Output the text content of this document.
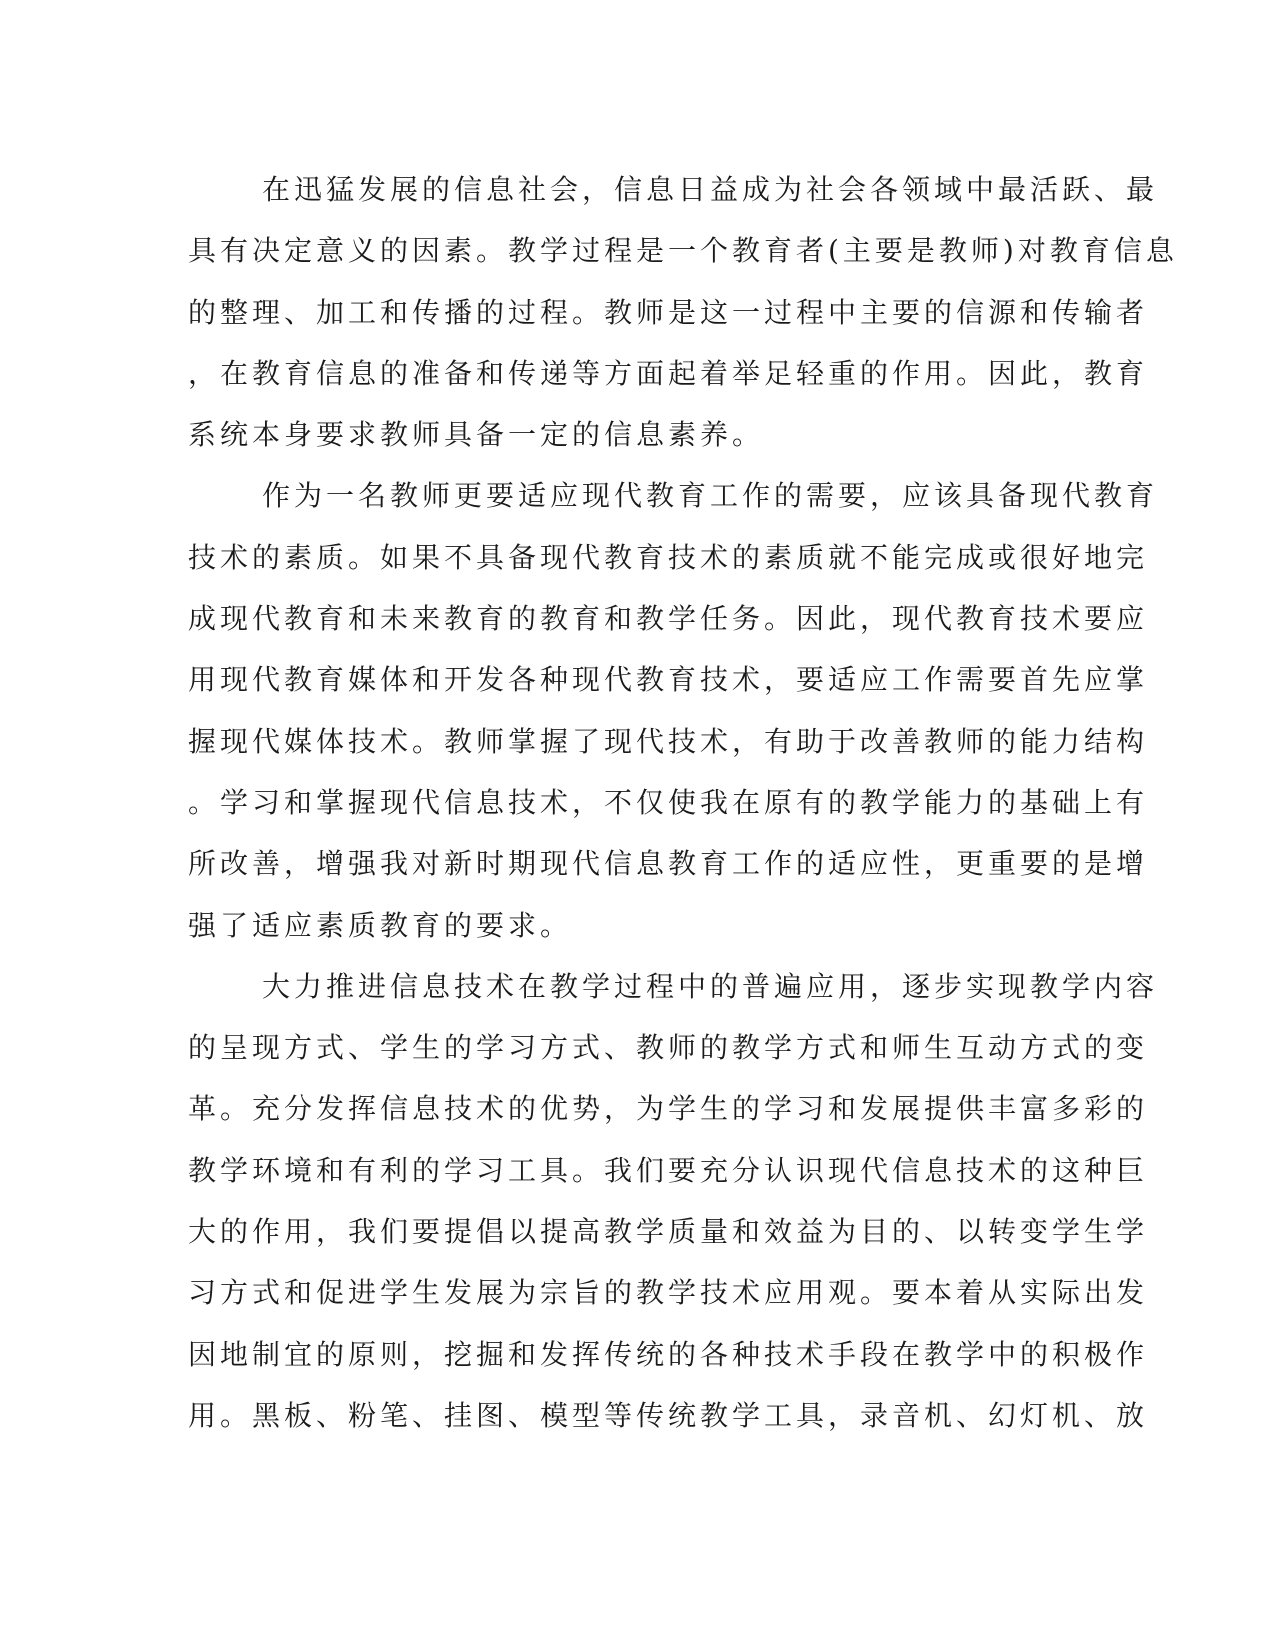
在迅猛发展的信息社会，信息日益成为社会各领域中最活跃、最
具有决定意义的因素。教学过程是一个教育者(主要是教师)对教育信息
的整理、加工和传播的过程。教师是这一过程中主要的信源和传输者
，在教育信息的准备和传递等方面起着举足轻重的作用。因此，教育
系统本身要求教师具备一定的信息素养。
作为一名教师更要适应现代教育工作的需要，应该具备现代教育
技术的素质。如果不具备现代教育技术的素质就不能完成或很好地完
成现代教育和未来教育的教育和教学任务。因此，现代教育技术要应
用现代教育媒体和开发各种现代教育技术，要适应工作需要首先应掌
握现代媒体技术。教师掌握了现代技术，有助于改善教师的能力结构
。学习和掌握现代信息技术，不仅使我在原有的教学能力的基础上有
所改善，增强我对新时期现代信息教育工作的适应性，更重要的是增
强了适应素质教育的要求。
大力推进信息技术在教学过程中的普遍应用，逐步实现教学内容
的呈现方式、学生的学习方式、教师的教学方式和师生互动方式的变
革。充分发挥信息技术的优势，为学生的学习和发展提供丰富多彩的
教学环境和有利的学习工具。我们要充分认识现代信息技术的这种巨
大的作用，我们要提倡以提高教学质量和效益为目的、以转变学生学
习方式和促进学生发展为宗旨的教学技术应用观。要本着从实际出发
因地制宜的原则，挖掘和发挥传统的各种技术手段在教学中的积极作
用。黑板、粉笔、挂图、模型等传统教学工具，录音机、幻灯机、放
